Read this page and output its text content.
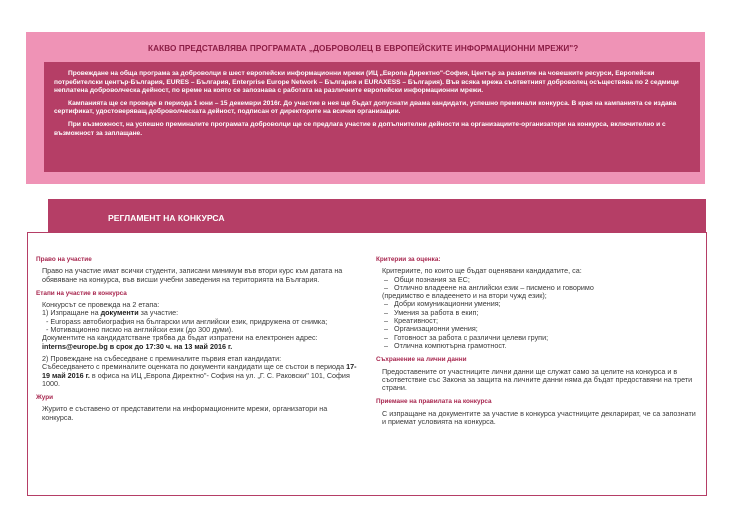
КАКВО ПРЕДСТАВЛЯВА ПРОГРАМАТА „ДОБРОВОЛЕЦ В ЕВРОПЕЙСКИТЕ ИНФОРМАЦИОННИ МРЕЖИ"?

Провеждане на обща програма за доброволци в шест европейски информационни мрежи (ИЦ „Европа Директно"-София, Център за развитие на човешките ресурси, Европейски потребителски център-България, EURES – България, Enterprise Europe Network – България и EURAXESS – България). Във всяка мрежа съответният доброволец осъществява по 2 седмици неплатена доброволческа дейност, по време на която се запознава с работата на различните европейски информационни мрежи.

Кампанията ще се проведе в периода 1 юни – 15 декември 2016г. До участие в нея ще бъдат допуснати двама кандидати, успешно преминали конкурса. В края на кампанията се издава сертификат, удостоверяващ доброволческата дейност, подписан от директорите на всички организации.

При възможност, на успешно преминалите програмата доброволци ще се предлага участие в допълнителни дейности на организациите-организатори на конкурса, включително и с възможност за заплащане.

РЕГЛАМЕНТ НА КОНКУРСА
Право на участие
Право на участие имат всички студенти, записани минимум във втори курс към датата на обявяване на конкурса, във висши учебни заведения на територията на България.
Етапи на участие в конкурса
Конкурсът се провежда на 2 етапа:
1) Изпращане на документи за участие:
- Europass автобиография на български или английски език, придружена от снимка;
- Мотивационно писмо на английски език (до 300 думи).
Документите на кандидатстване трябва да бъдат изпратени на електронен адрес:
interns@europe.bg в срок до 17:30 ч. на 13 май 2016 г.
2) Провеждане на събеседване с преминалите първия етап кандидати:
Събеседването с преминалите оценката по документи кандидати ще се състои в периода 17-19 май 2016 г. в офиса на ИЦ „Европа Директно"- София на ул. „Г. С. Раковски" 101, София 1000.
Жури
Журито е съставено от представители на информационните мрежи, организатори на конкурса.
Критерии за оценка:
Критериите, по които ще бъдат оценявани кандидатите, са:
– Общи познания за ЕС;
– Отлично владеене на английски език – писмено и говоримо
(предимство е владеенето и на втори чужд език);
– Добри комуникационни умения;
– Умения за работа в екип;
– Креативност;
– Организационни умения;
– Готовност за работа с различни целеви групи;
– Отлична компютърна грамотност.
Съхранение на лични данни
Предоставените от участниците лични данни ще служат само за целите на конкурса и в съответствие със Закона за защита на личните данни няма да бъдат предоставяни на трети страни.
Приемане на правилата на конкурса
С изпращане на документите за участие в конкурса участниците декларират, че са запознати и приемат условията на конкурса.
